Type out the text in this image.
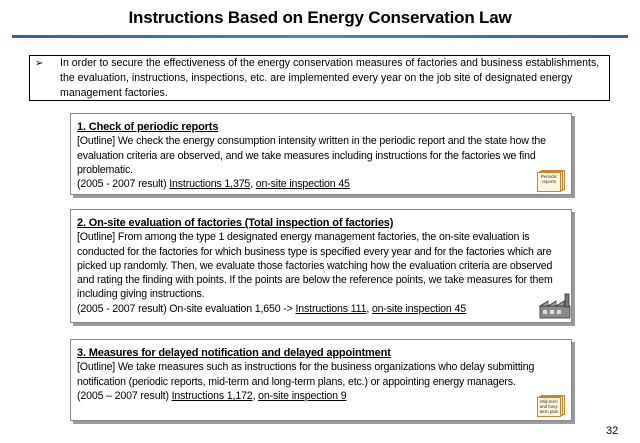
Instructions Based on Energy Conservation Law
➢ In order to secure the effectiveness of the energy conservation measures of factories and business establishments, the evaluation, instructions, inspections, etc. are implemented every year on the job site of designated energy management factories.
1. Check of periodic reports
[Outline] We check the energy consumption intensity written in the periodic report and the state how the evaluation criteria are observed, and we take measures including instructions for the factories we find problematic.
(2005 - 2007 result) Instructions 1,375, on-site inspection 45
Periodic reports
2. On-site evaluation of factories (Total inspection of factories)
[Outline] From among the type 1 designated energy management factories, the on-site evaluation is conducted for the factories for which business type is specified every year and for the factories which are picked up randomly. Then, we evaluate those factories watching how the evaluation criteria are observed and rating the finding with points. If the points are below the reference points, we take measures for them including giving instructions.
(2005 - 2007 result) On-site evaluation 1,650 -> Instructions 111, on-site inspection 45
3. Measures for delayed notification and delayed appointment
[Outline] We take measures such as instructions for the business organizations who delay submitting notification (periodic reports, mid-term and long-term plans, etc.) or appointing energy managers.
(2005 – 2007 result) Instructions 1,172, on-site inspection 9	Mid-term and long-term plan
32
